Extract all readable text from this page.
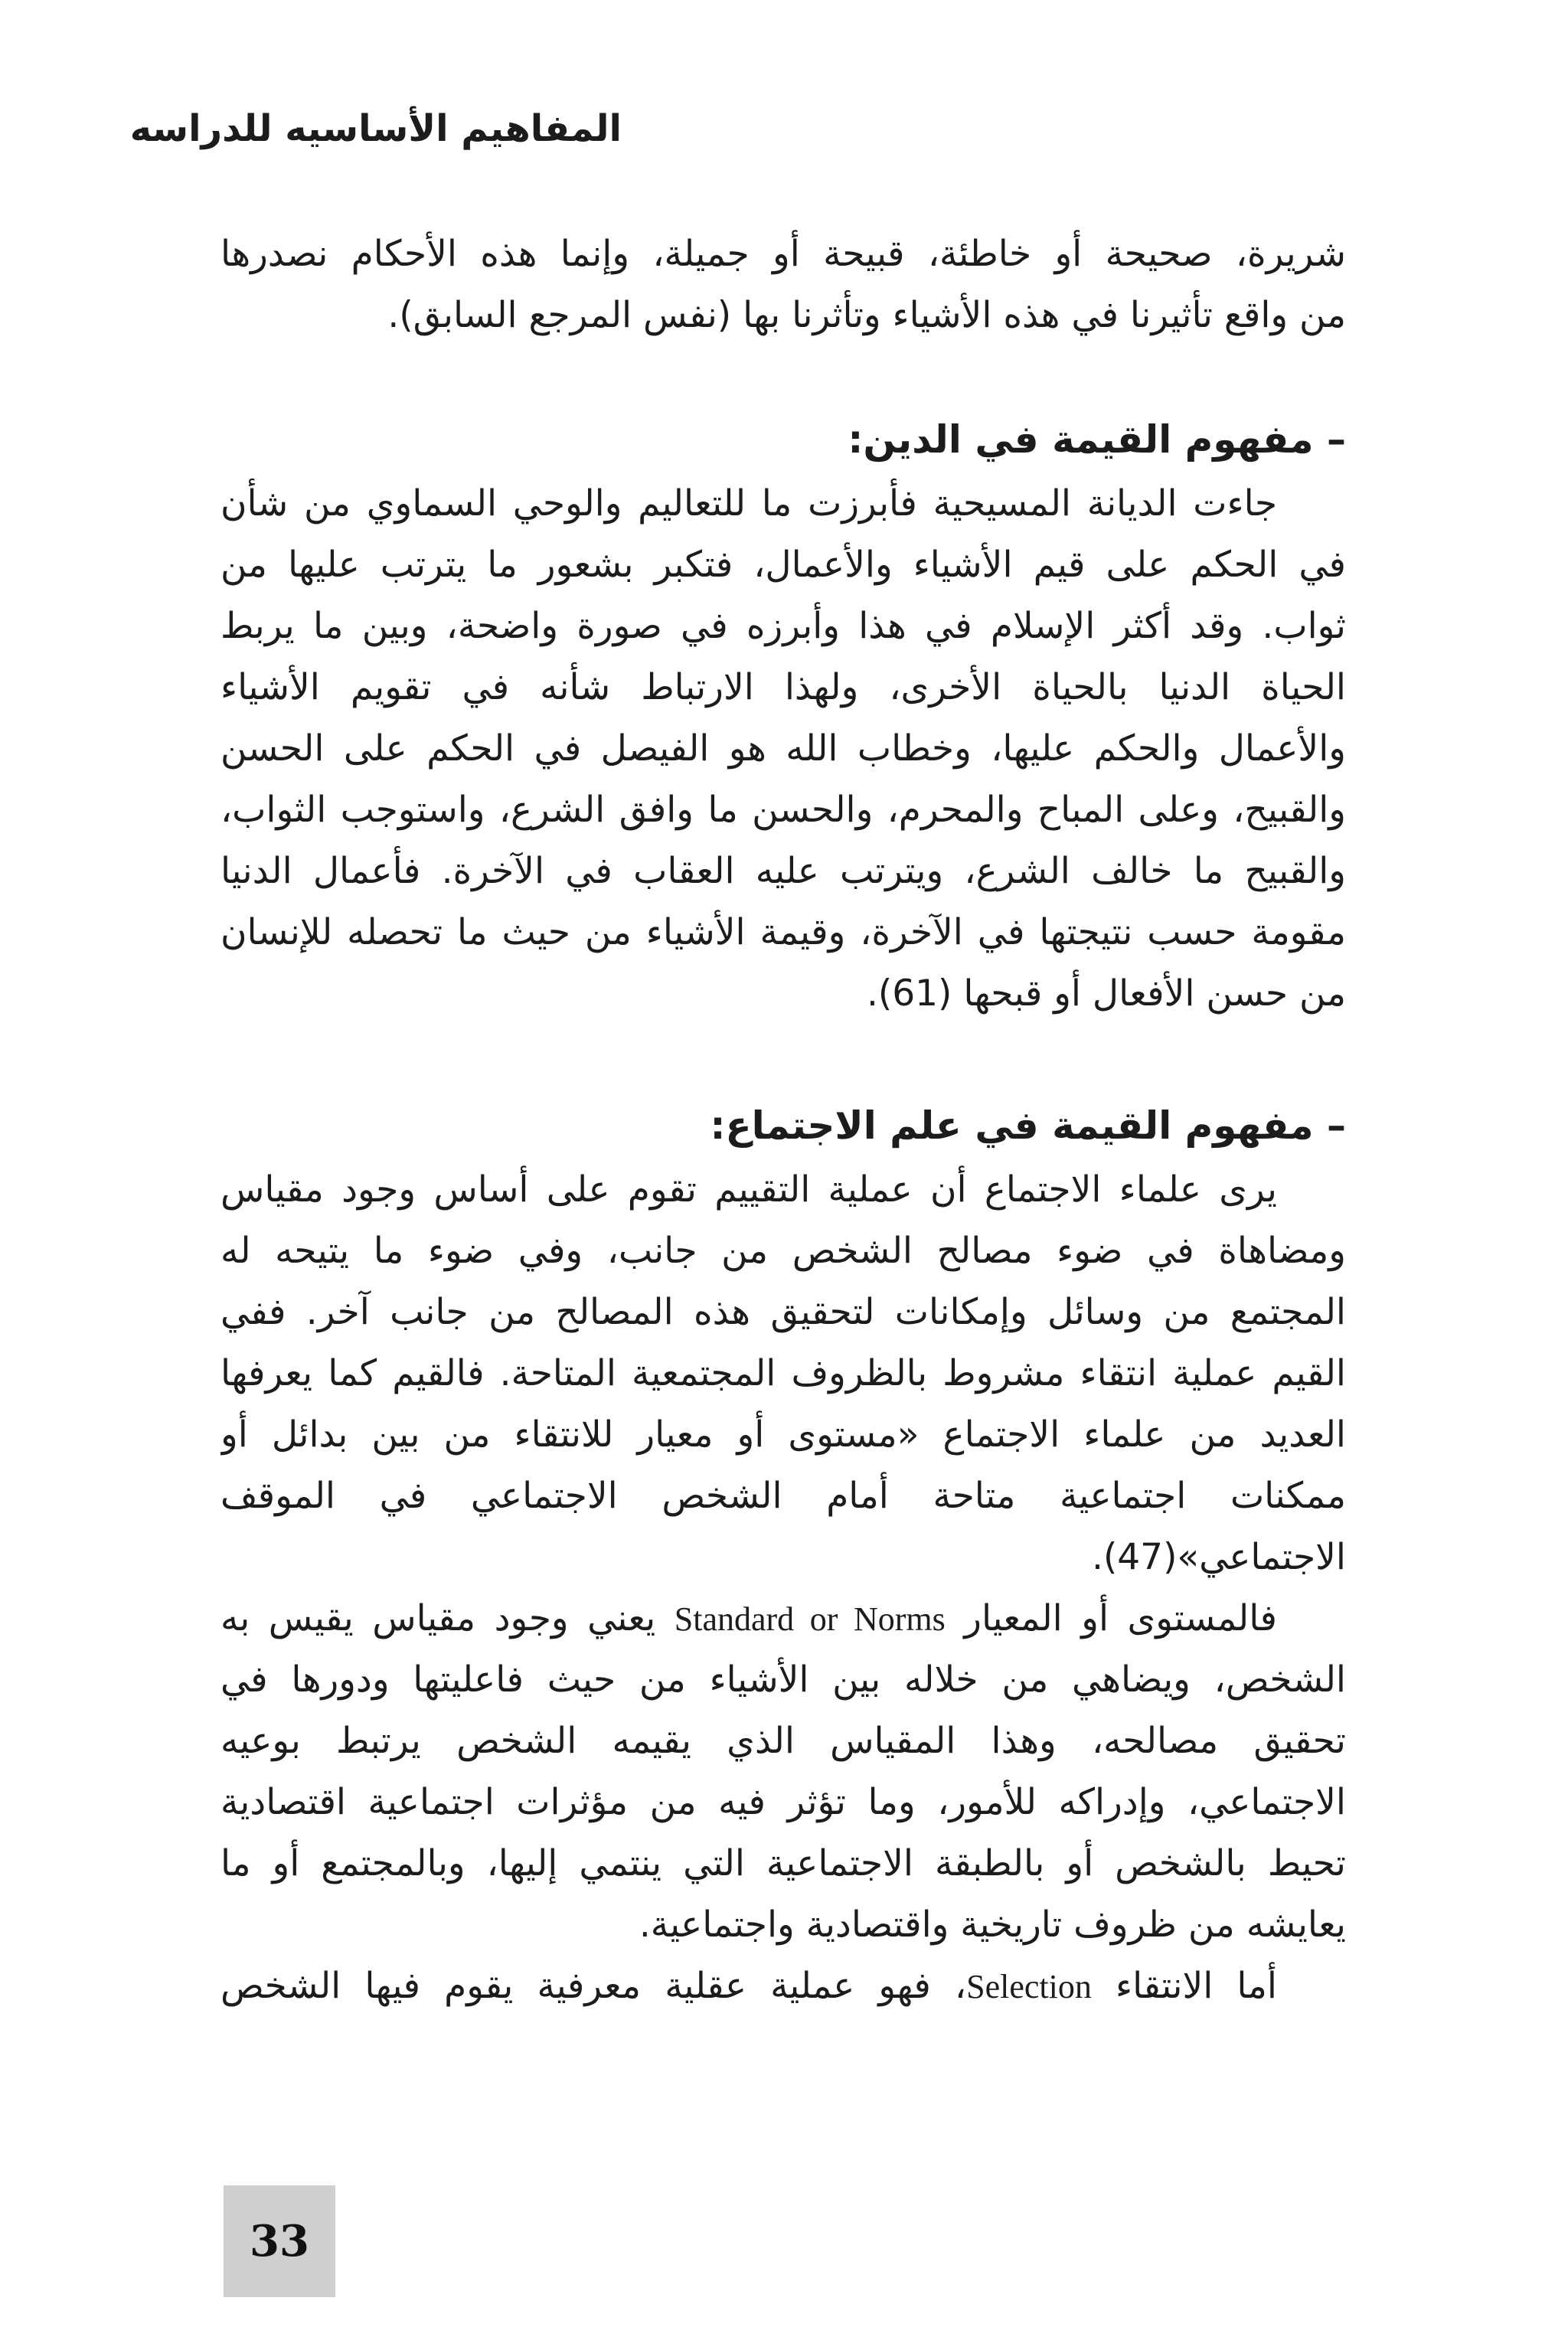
المفاهيم الأساسيه للدراسه
شريرة، صحيحة أو خاطئة، قبيحة أو جميلة، وإنما هذه الأحكام نصدرها
من واقع تأثيرنا في هذه الأشياء وتأثرنا بها (نفس المرجع السابق).
– مفهوم القيمة في الدين:
جاءت الديانة المسيحية فأبرزت ما للتعاليم والوحي السماوي من شأن
في الحكم على قيم الأشياء والأعمال، فتكبر بشعور ما يترتب عليها من
ثواب. وقد أكثر الإسلام في هذا وأبرزه في صورة واضحة، وبين ما يربط
الحياة الدنيا بالحياة الأخرى، ولهذا الارتباط شأنه في تقويم الأشياء
والأعمال والحكم عليها، وخطاب الله هو الفيصل في الحكم على الحسن
والقبيح، وعلى المباح والمحرم، والحسن ما وافق الشرع، واستوجب الثواب،
والقبيح ما خالف الشرع، ويترتب عليه العقاب في الآخرة. فأعمال الدنيا
مقومة حسب نتيجتها في الآخرة، وقيمة الأشياء من حيث ما تحصله للإنسان
من حسن الأفعال أو قبحها (61).
– مفهوم القيمة في علم الاجتماع:
يرى علماء الاجتماع أن عملية التقييم تقوم على أساس وجود مقياس
ومضاهاة في ضوء مصالح الشخص من جانب، وفي ضوء ما يتيحه له
المجتمع من وسائل وإمكانات لتحقيق هذه المصالح من جانب آخر. ففي
القيم عملية انتقاء مشروط بالظروف المجتمعية المتاحة. فالقيم كما يعرفها
العديد من علماء الاجتماع «مستوى أو معيار للانتقاء من بين بدائل أو
ممكنات اجتماعية متاحة أمام الشخص الاجتماعي في الموقف
الاجتماعي»(47).
فالمستوى أو المعيار Standard or Norms يعني وجود مقياس يقيس به
الشخص، ويضاهي من خلاله بين الأشياء من حيث فاعليتها ودورها في
تحقيق مصالحه، وهذا المقياس الذي يقيمه الشخص يرتبط بوعيه
الاجتماعي، وإدراكه للأمور، وما تؤثر فيه من مؤثرات اجتماعية اقتصادية
تحيط بالشخص أو بالطبقة الاجتماعية التي ينتمي إليها، وبالمجتمع أو ما
يعايشه من ظروف تاريخية واقتصادية واجتماعية.
أما الانتقاء Selection، فهو عملية عقلية معرفية يقوم فيها الشخص
33
